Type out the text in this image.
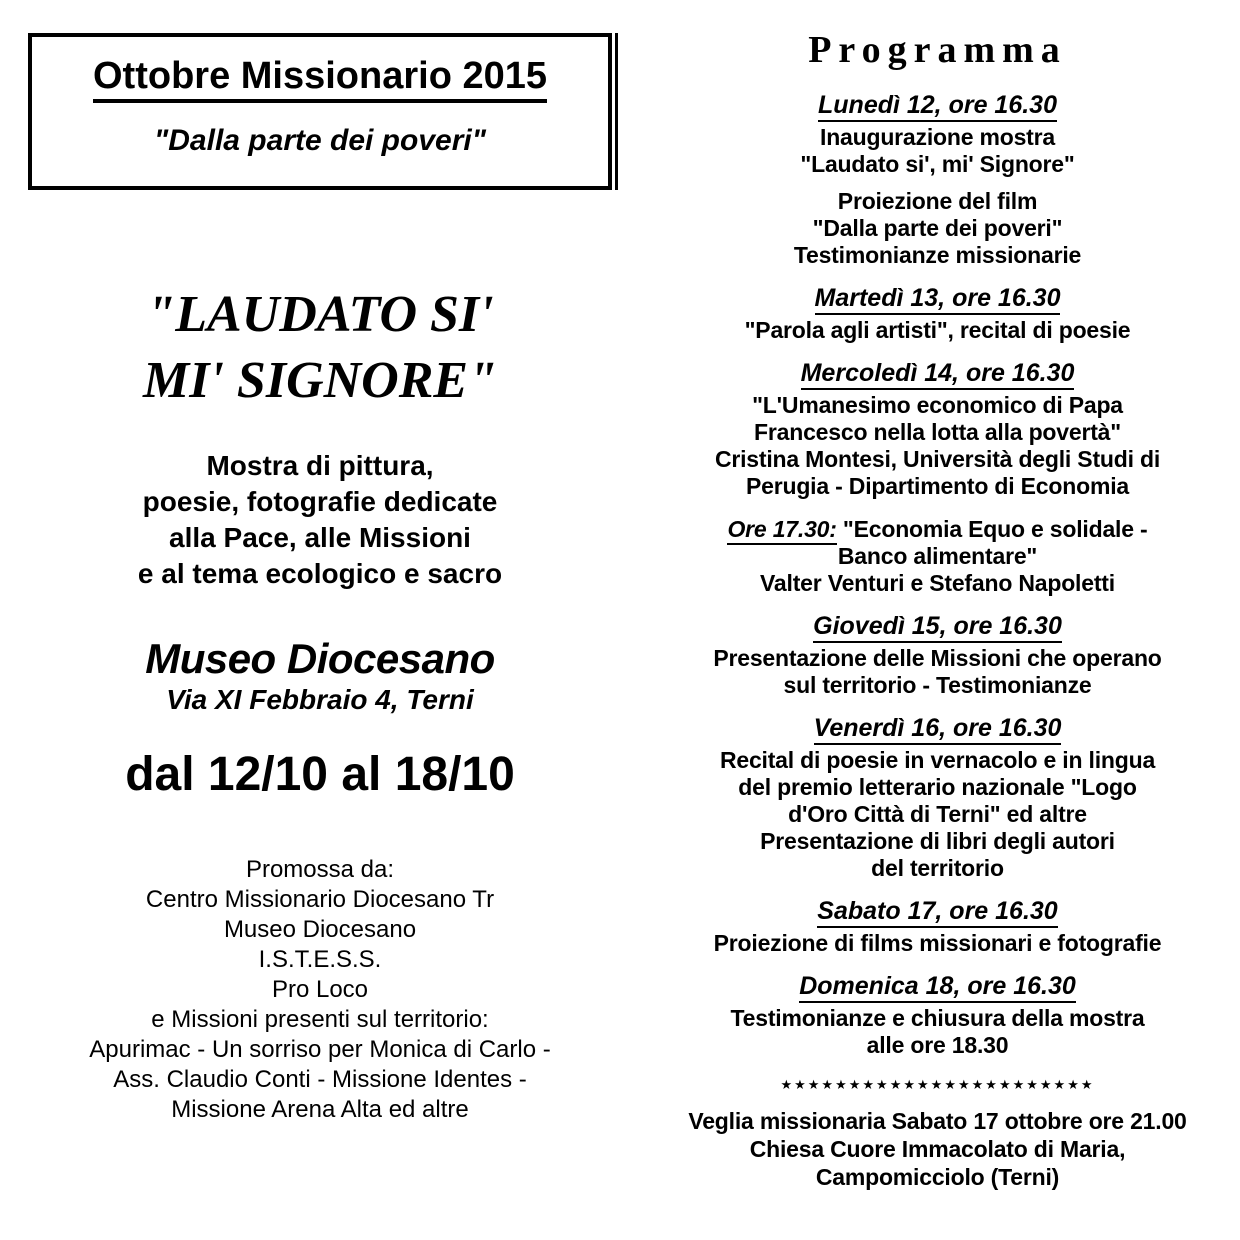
Ottobre Missionario 2015
"Dalla parte dei poveri"
"LAUDATO SI'
MI' SIGNORE"
Mostra di pittura,
poesie, fotografie dedicate
alla Pace, alle Missioni
e al tema ecologico e sacro
Museo Diocesano
Via XI Febbraio 4, Terni
dal 12/10 al 18/10
Promossa da:
Centro Missionario Diocesano Tr
Museo Diocesano
I.S.T.E.S.S.
Pro Loco
e Missioni presenti sul territorio:
Apurimac - Un sorriso per Monica di Carlo -
Ass. Claudio Conti - Missione Identes -
Missione Arena Alta ed altre
Programma
Lunedì 12, ore 16.30
Inaugurazione mostra
"Laudato si', mi' Signore"
Proiezione del film
"Dalla parte dei poveri"
Testimonianze missionarie
Martedì 13, ore 16.30
"Parola agli artisti", recital di poesie
Mercoledì 14, ore 16.30
"L'Umanesimo economico di Papa
Francesco nella lotta alla povertà"
Cristina Montesi, Università degli Studi di
Perugia - Dipartimento di Economia
Ore 17.30: "Economia Equo e solidale -
Banco alimentare"
Valter Venturi e Stefano Napoletti
Giovedì 15, ore 16.30
Presentazione delle Missioni che operano
sul territorio - Testimonianze
Venerdì 16, ore 16.30
Recital di poesie in vernacolo e in lingua
del premio letterario nazionale "Logo
d'Oro Città di Terni" ed altre
Presentazione di libri degli autori
del territorio
Sabato 17, ore 16.30
Proiezione di films missionari e fotografie
Domenica 18, ore 16.30
Testimonianze e chiusura della mostra
alle ore 18.30
★★★★★★★★★★★★★★★★★★★★★★★
Veglia missionaria Sabato 17 ottobre ore 21.00
Chiesa Cuore Immacolato di Maria,
Campomicciolo (Terni)
